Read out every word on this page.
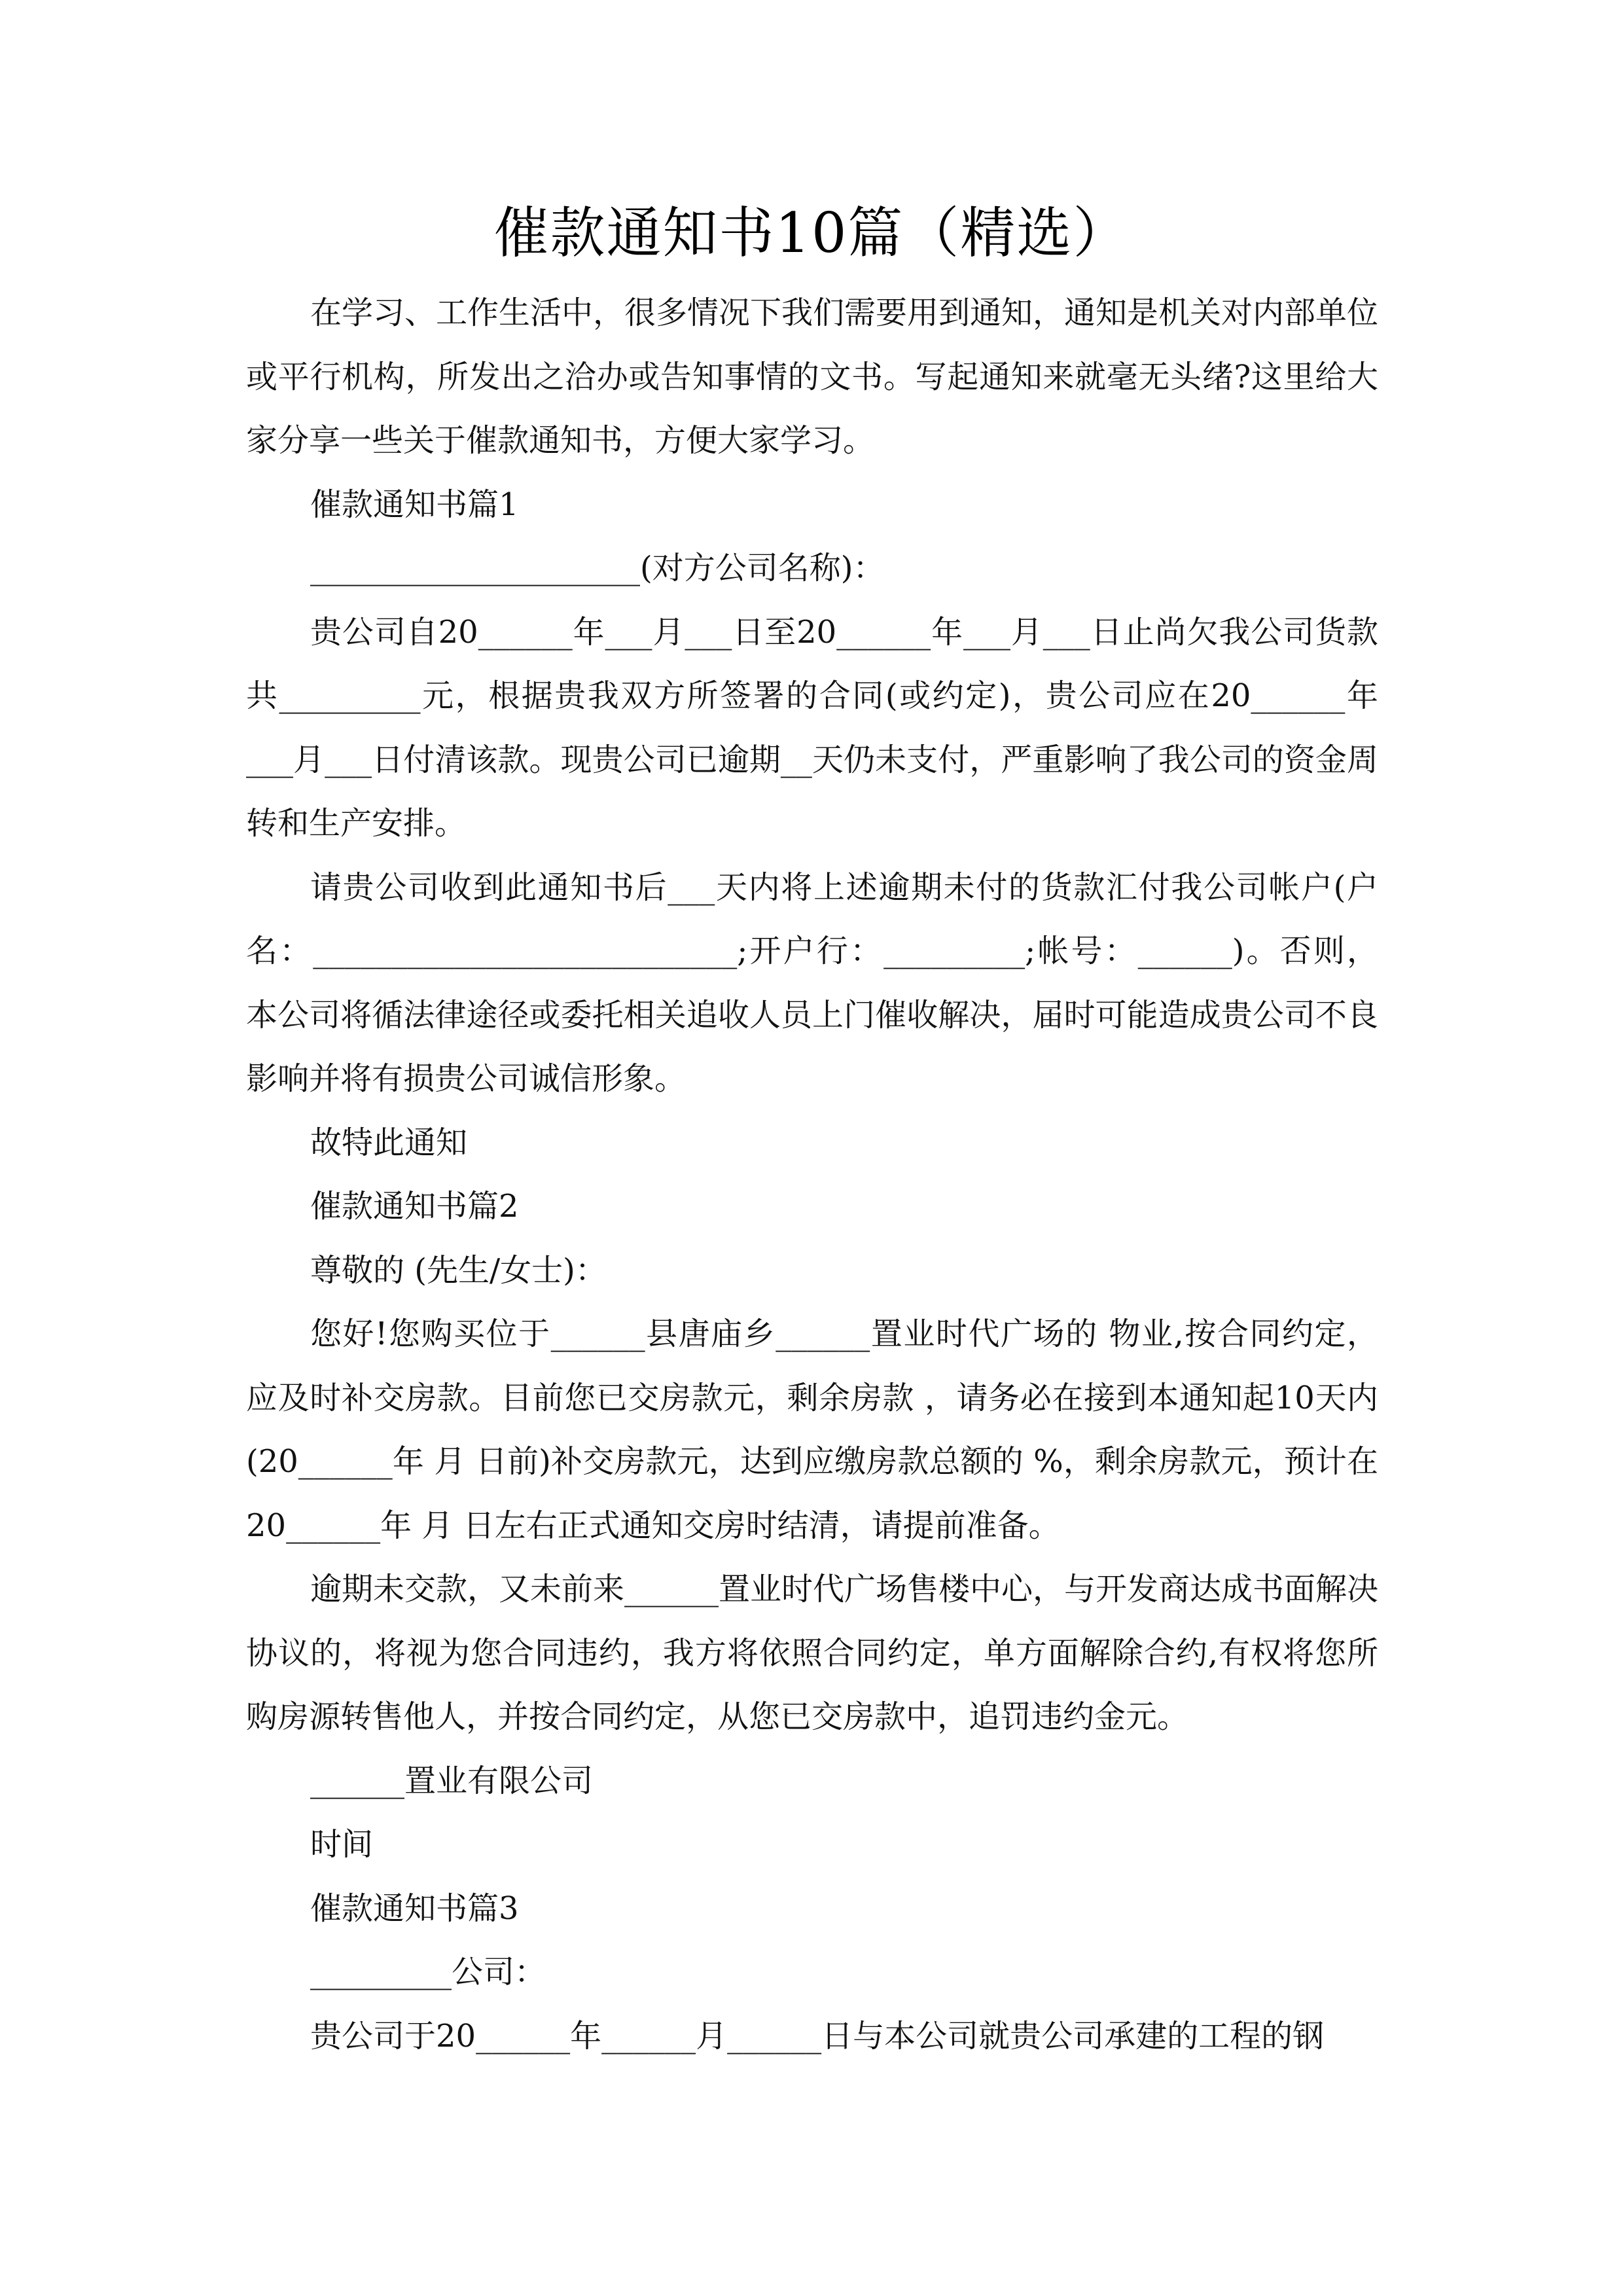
催款通知书10篇（精选）

在学习、工作生活中，很多情况下我们需要用到通知，通知是机关对内部单位或平行机构，所发出之洽办或告知事情的文书。写起通知来就毫无头绪?这里给大家分享一些关于催款通知书，方便大家学习。

催款通知书篇1

_____________________(对方公司名称)：

贵公司自20______年___月___日至20______年___月___日止尚欠我公司货款共_________元，根据贵我双方所签署的合同(或约定)，贵公司应在20______年___月___日付清该款。现贵公司已逾期__天仍未支付，严重影响了我公司的资金周转和生产安排。

请贵公司收到此通知书后___天内将上述逾期未付的货款汇付我公司帐户(户名：___________________________;开户行：_________;帐号：______)。否则，本公司将循法律途径或委托相关追收人员上门催收解决，届时可能造成贵公司不良影响并将有损贵公司诚信形象。

故特此通知

催款通知书篇2

尊敬的 (先生/女士)：

您好!您购买位于______县唐庙乡______置业时代广场的 物业,按合同约定，应及时补交房款。目前您已交房款元，剩余房款 ，请务必在接到本通知起10天内(20______年 月 日前)补交房款元，达到应缴房款总额的 %，剩余房款元，预计在20______年 月 日左右正式通知交房时结清，请提前准备。

逾期未交款，又未前来______置业时代广场售楼中心，与开发商达成书面解决协议的，将视为您合同违约，我方将依照合同约定，单方面解除合约,有权将您所购房源转售他人，并按合同约定，从您已交房款中，追罚违约金元。

______置业有限公司

时间

催款通知书篇3

_________公司：

贵公司于20______年______月______日与本公司就贵公司承建的工程的钢
